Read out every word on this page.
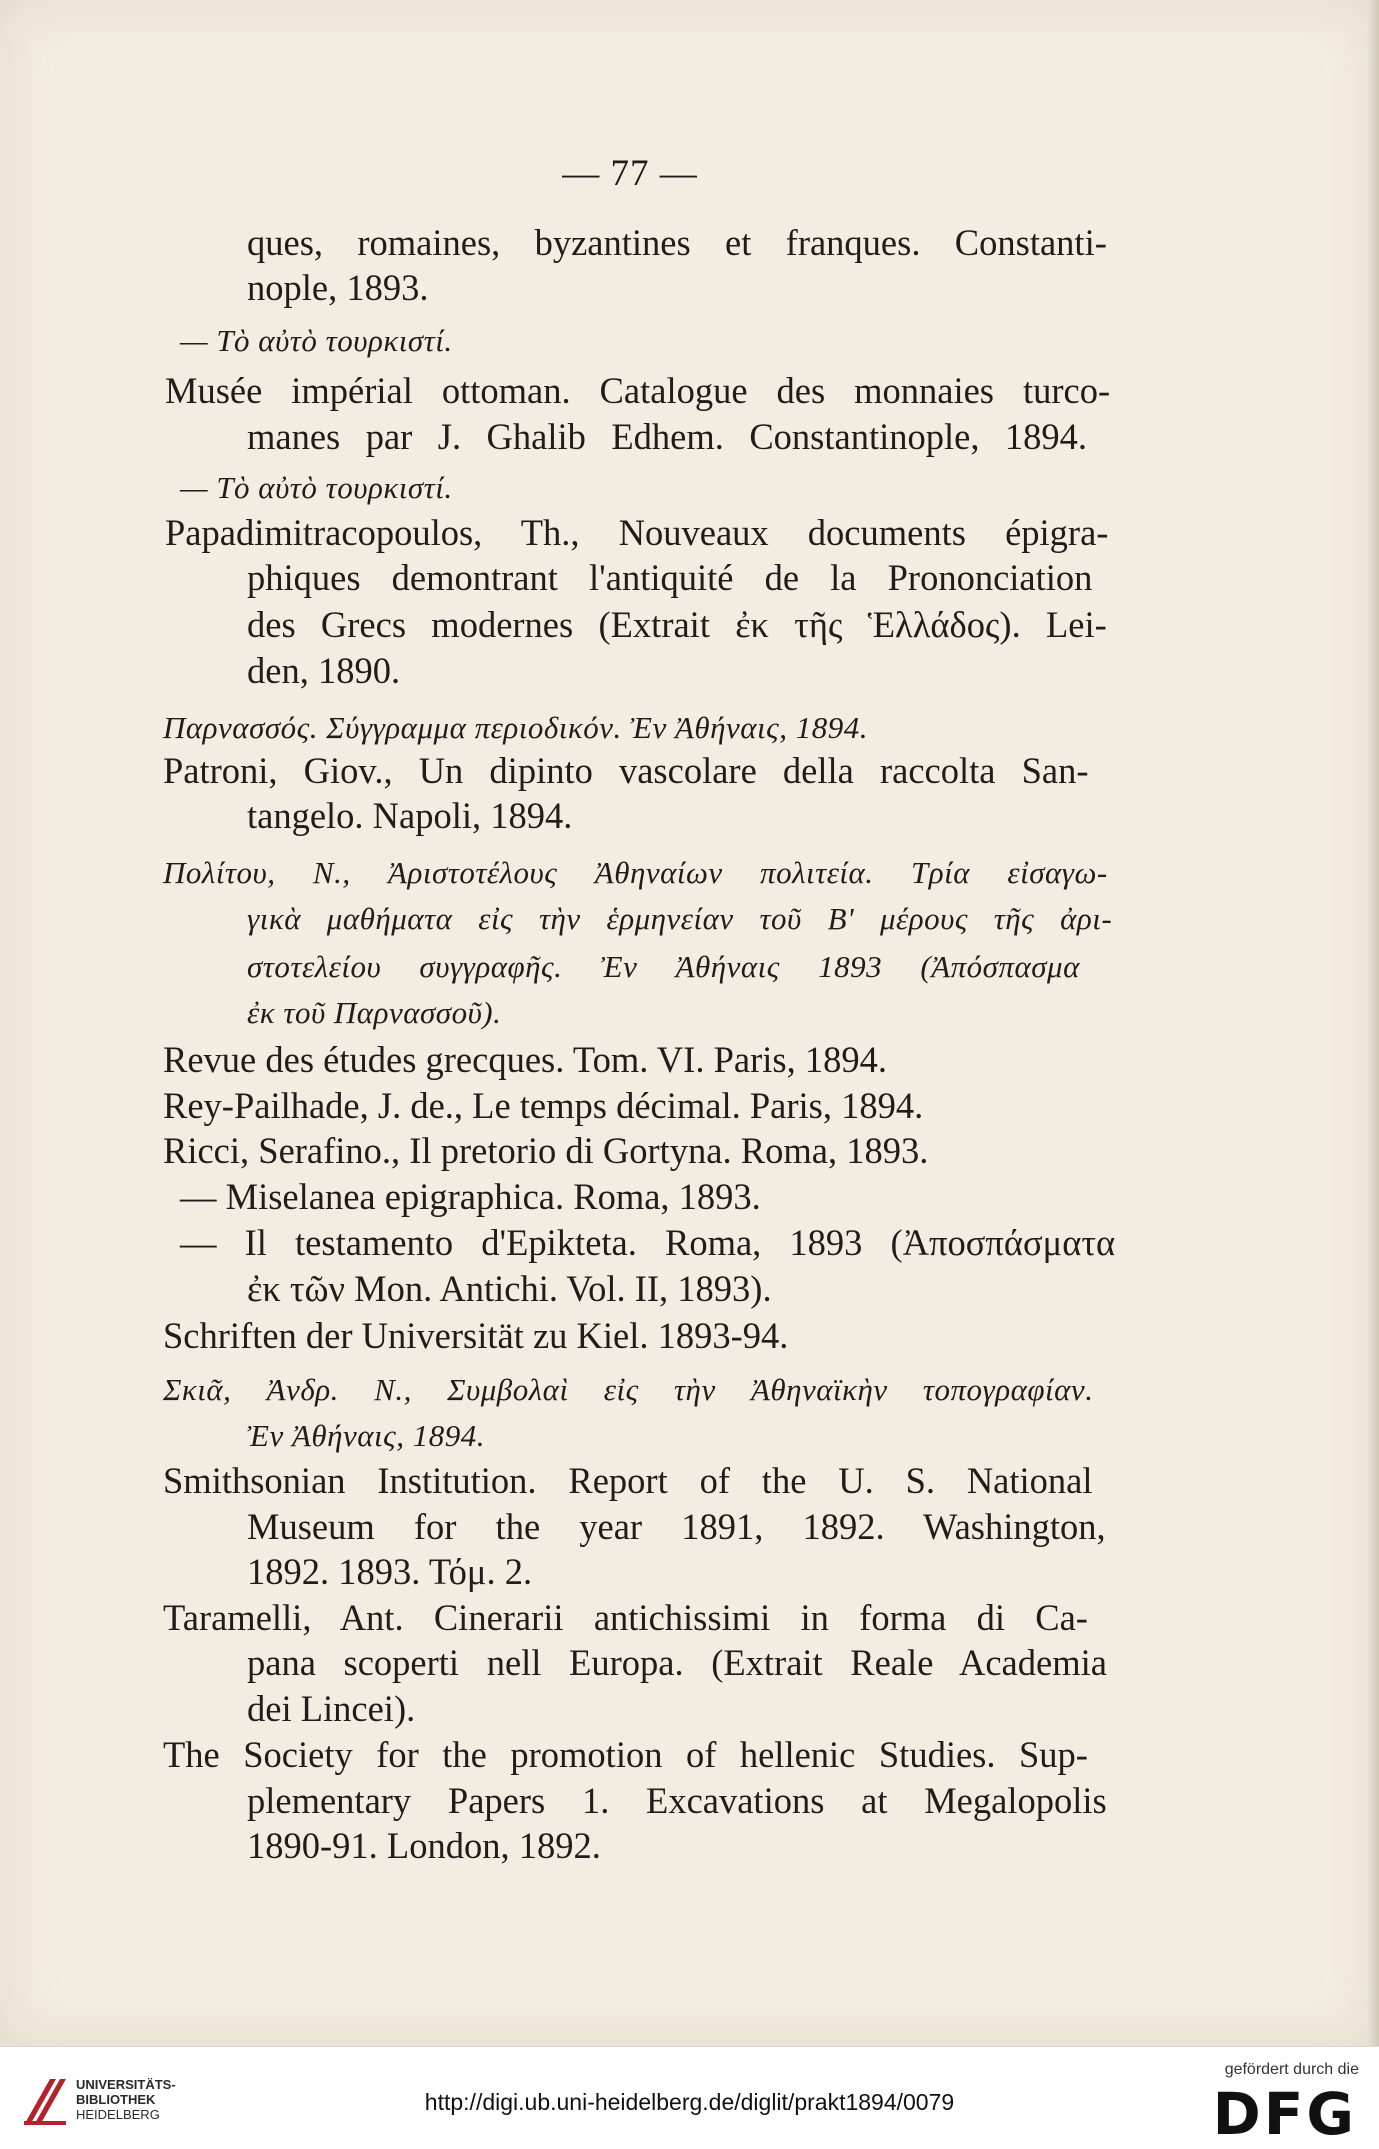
— 77 —
ques, romaines, byzantines et franques. Constanti-
nople, 1893.
— Tὸ αὐτὸ τουρκιστί.
Musée impérial ottoman. Catalogue des monnaies turco-
manes par J. Ghalib Edhem. Constantinople, 1894.
— Tὸ αὐτὸ τουρκιστί.
Papadimitracopoulos, Th., Nouveaux documents épigra-
phiques demontrant l'antiquité de la Prononciation
des Grecs modernes (Extrait ἐκ τῆς Ἑλλάδος). Lei-
den, 1890.
Παρνασσός. Σύγγραμμα περιοδικόν. Ἐν Ἀθήναις, 1894.
Patroni, Giov., Un dipinto vascolare della raccolta San-
tangelo. Napoli, 1894.
Πολίτου, Ν., Ἀριστοτέλους Ἀθηναίων πολιτεία. Τρία εἰσαγω-
γικὰ μαθήματα εἰς τὴν ἑρμηνείαν τοῦ Β' μέρους τῆς ἀρι-
στοτελείου συγγραφῆς. Ἐν Ἀθήναις 1893 (Ἀπόσπασμα
ἐκ τοῦ Παρνασσοῦ).
Revue des études grecques. Tom. VI. Paris, 1894.
Rey-Pailhade, J. de., Le temps décimal. Paris, 1894.
Ricci, Serafino., Il pretorio di Gortyna. Roma, 1893.
— Miselanea epigraphica. Roma, 1893.
— Il testamento d'Epikteta. Roma, 1893 (Ἀποσπάσματα
ἐκ τῶν Mon. Antichi. Vol. II, 1893).
Schriften der Universität zu Kiel. 1893-94.
Σκιᾶ, Ἀνδρ. Ν., Συμβολαὶ εἰς τὴν Ἀθηναϊκὴν τοπογραφίαν.
Ἐν Ἀθήναις, 1894.
Smithsonian Institution. Report of the U. S. National
Museum for the year 1891, 1892. Washington,
1892. 1893. Τόμ. 2.
Taramelli, Ant. Cinerarii antichissimi in forma di Ca-
pana scoperti nell Europa. (Extrait Reale Academia
dei Lincei).
The Society for the promotion of hellenic Studies. Sup-
plementary Papers 1. Excavations at Megalopolis
1890-91. London, 1892.
UNIVERSITÄTS-
BIBLIOTHEK
HEIDELBERG	http://digi.ub.uni-heidelberg.de/diglit/prakt1894/0079
gefördert durch die
DFG
